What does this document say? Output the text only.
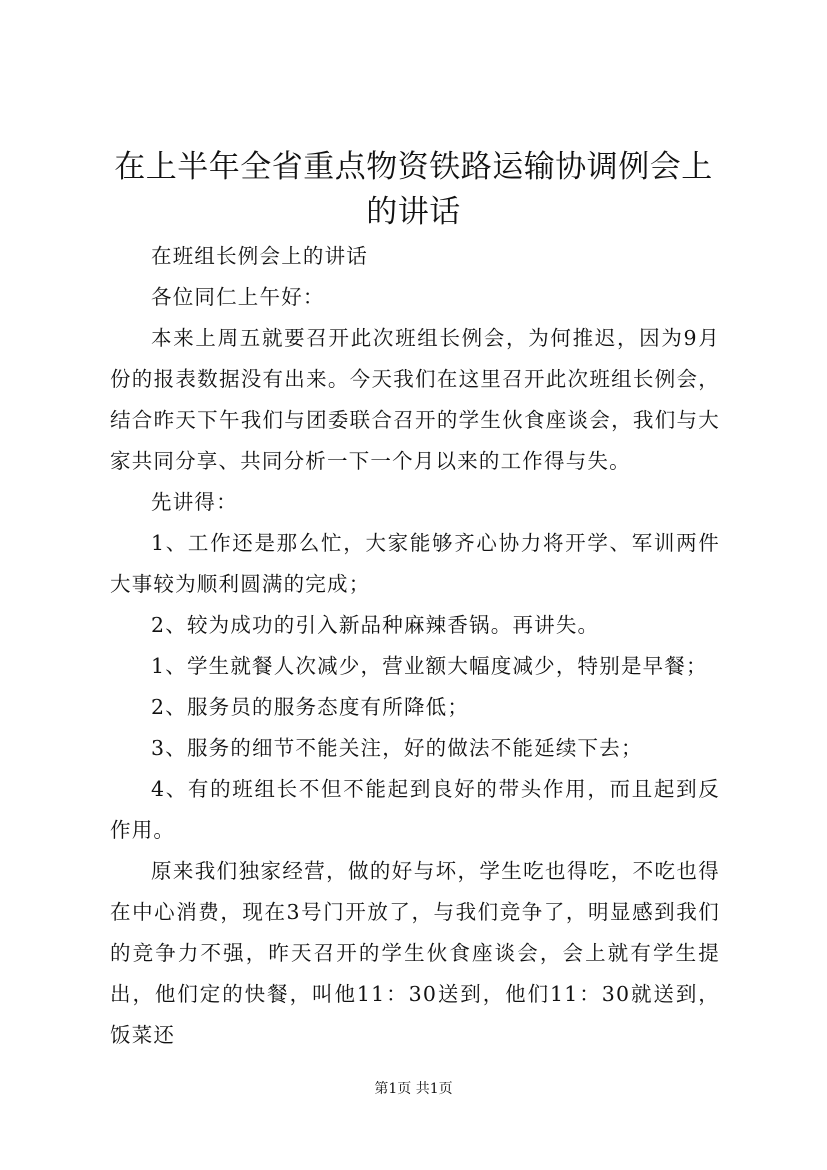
在上半年全省重点物资铁路运输协调例会上的讲话

在班组长例会上的讲话

各位同仁上午好：

本来上周五就要召开此次班组长例会，为何推迟，因为9月份的报表数据没有出来。今天我们在这里召开此次班组长例会，结合昨天下午我们与团委联合召开的学生伙食座谈会，我们与大家共同分享、共同分析一下一个月以来的工作得与失。

先讲得：

1、工作还是那么忙，大家能够齐心协力将开学、军训两件大事较为顺利圆满的完成；

2、较为成功的引入新品种麻辣香锅。再讲失。

1、学生就餐人次减少，营业额大幅度减少，特别是早餐；

2、服务员的服务态度有所降低；

3、服务的细节不能关注，好的做法不能延续下去；

4、有的班组长不但不能起到良好的带头作用，而且起到反作用。

原来我们独家经营，做的好与坏，学生吃也得吃，不吃也得在中心消费，现在3号门开放了，与我们竞争了，明显感到我们的竞争力不强，昨天召开的学生伙食座谈会，会上就有学生提出，他们定的快餐，叫他11：30送到，他们11：30就送到，饭菜还

第1页 共1页
